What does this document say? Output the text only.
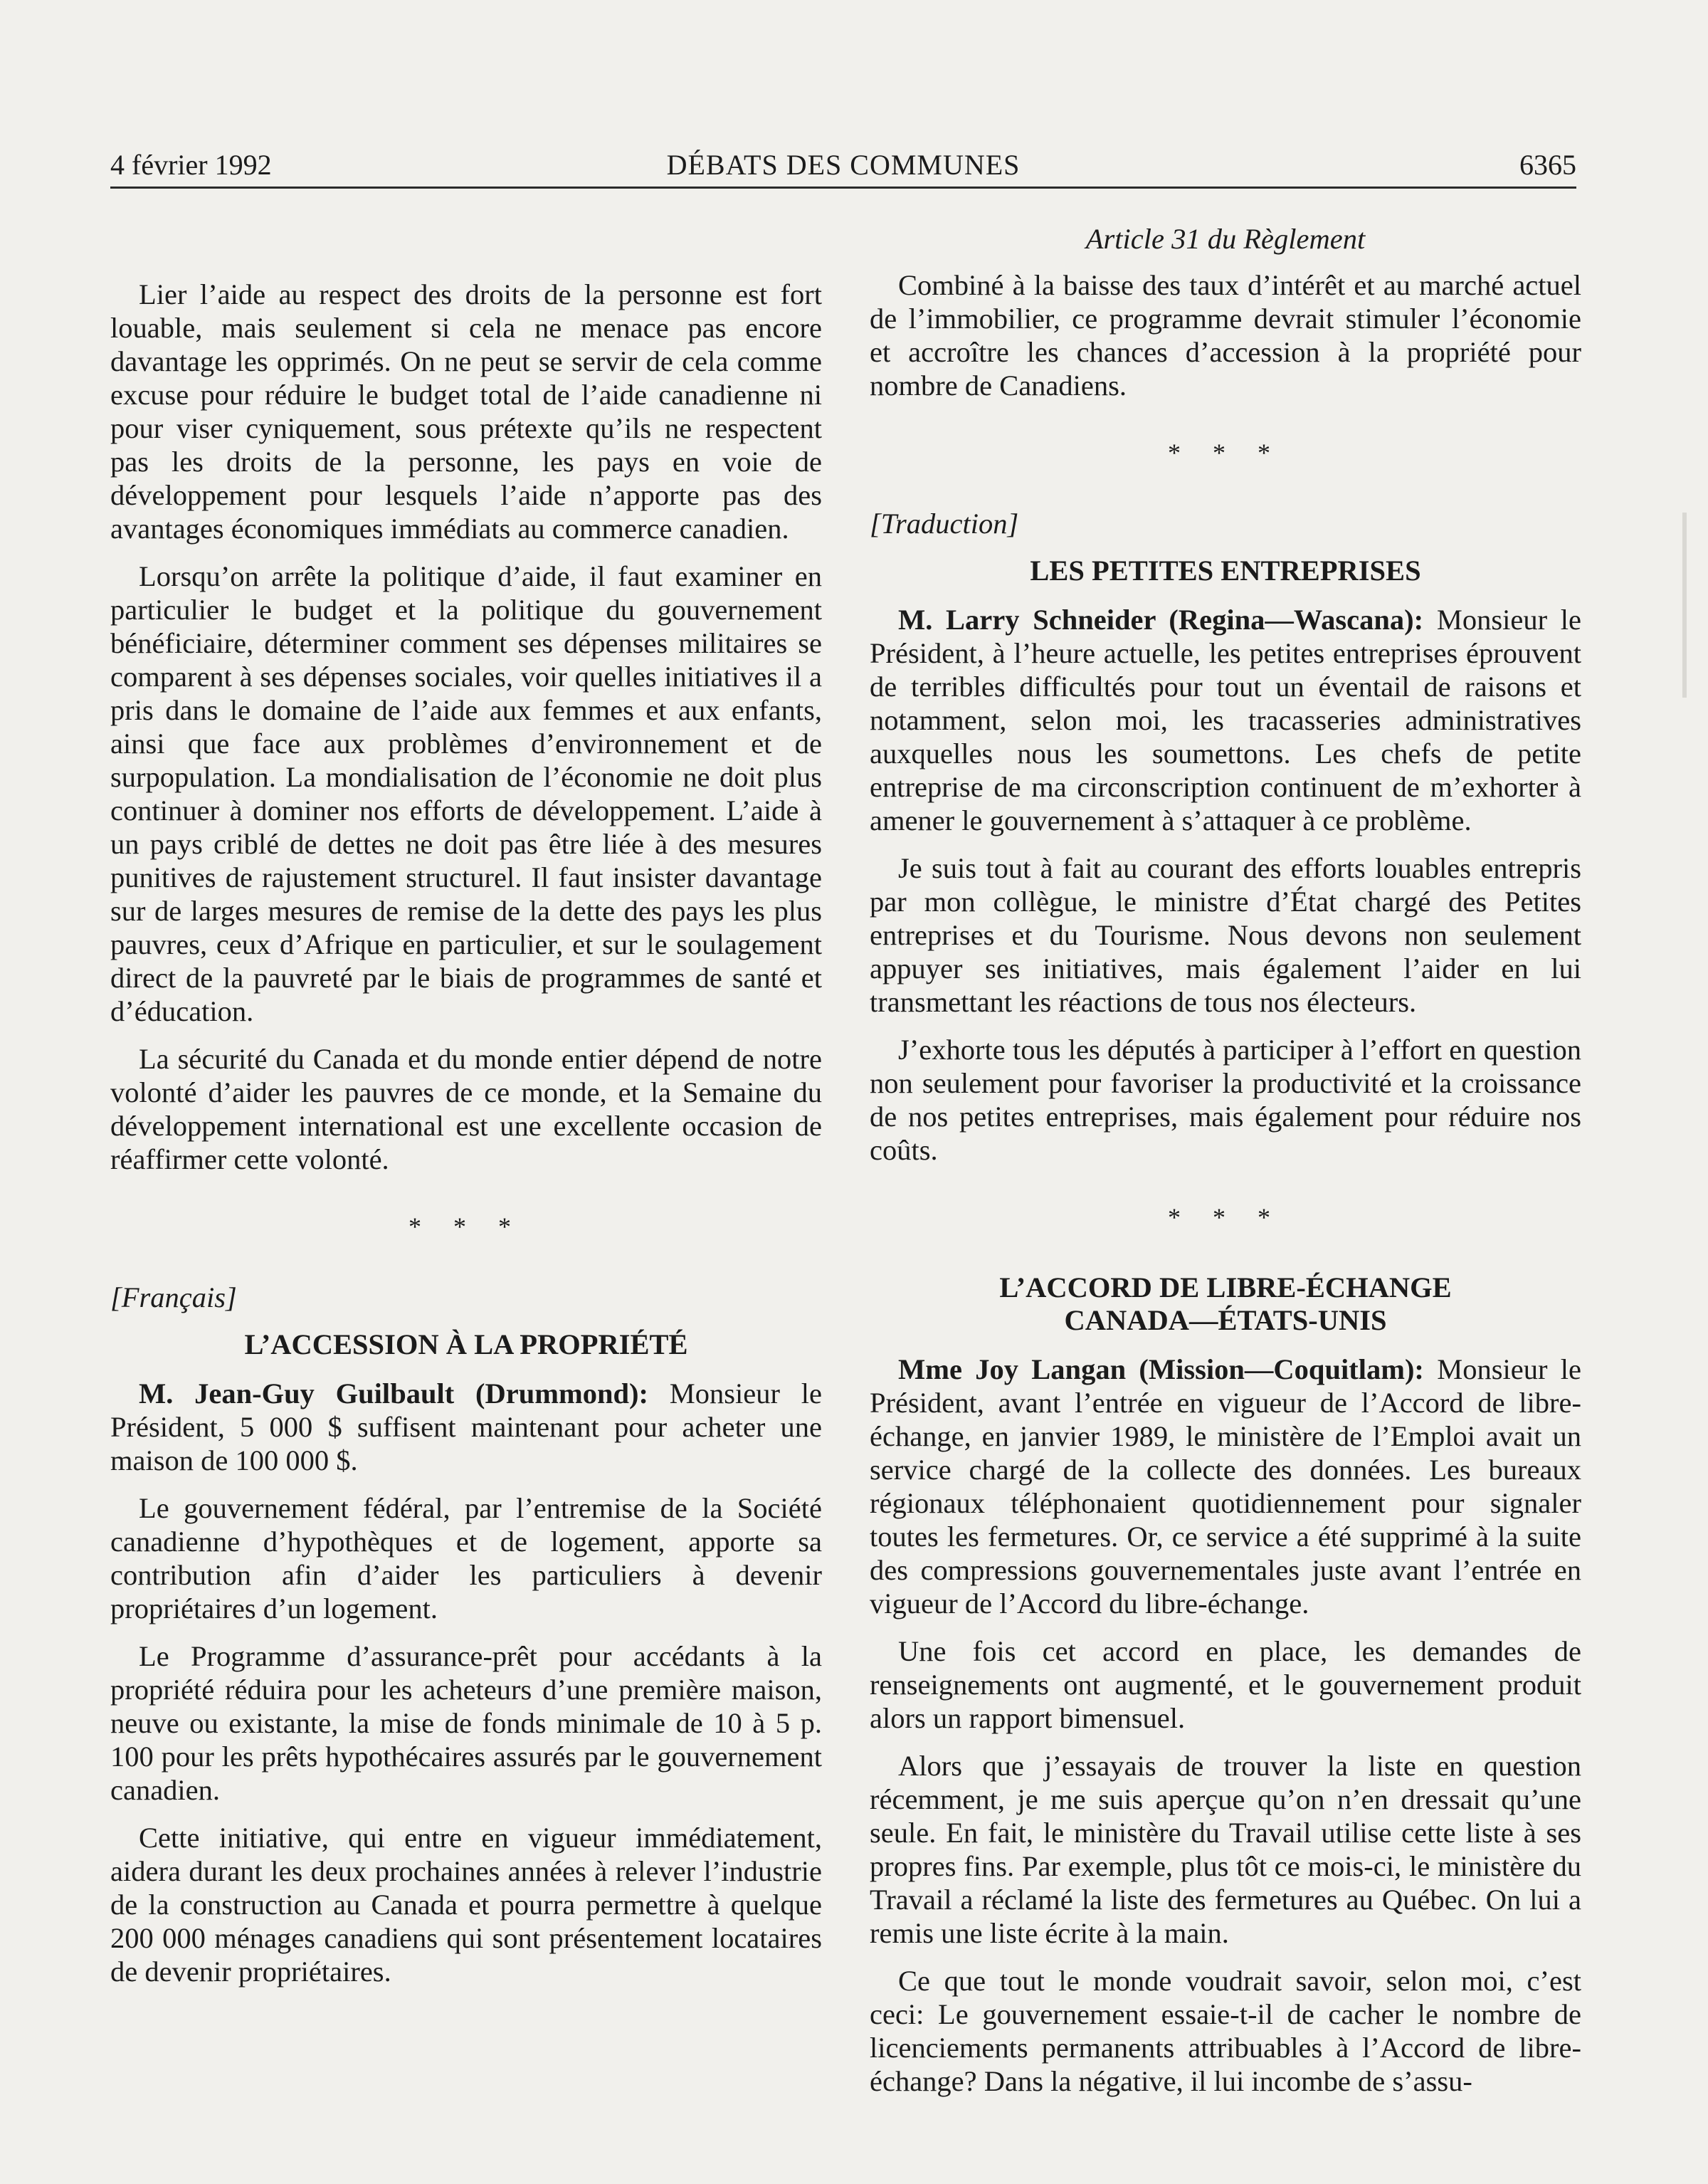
4 février 1992	DÉBATS DES COMMUNES	6365

Lier l’aide au respect des droits de la personne est fort louable, mais seulement si cela ne menace pas encore davantage les opprimés. On ne peut se servir de cela comme excuse pour réduire le budget total de l’aide canadienne ni pour viser cyniquement, sous prétexte qu’ils ne respectent pas les droits de la personne, les pays en voie de développement pour lesquels l’aide n’apporte pas des avantages économiques immédiats au commerce canadien.

Lorsqu’on arrête la politique d’aide, il faut examiner en particulier le budget et la politique du gouvernement bénéficiaire, déterminer comment ses dépenses militaires se comparent à ses dépenses sociales, voir quelles initiatives il a pris dans le domaine de l’aide aux femmes et aux enfants, ainsi que face aux problèmes d’environnement et de surpopulation. La mondialisation de l’économie ne doit plus continuer à dominer nos efforts de développement. L’aide à un pays criblé de dettes ne doit pas être liée à des mesures punitives de rajustement structurel. Il faut insister davantage sur de larges mesures de remise de la dette des pays les plus pauvres, ceux d’Afrique en particulier, et sur le soulagement direct de la pauvreté par le biais de programmes de santé et d’éducation.

La sécurité du Canada et du monde entier dépend de notre volonté d’aider les pauvres de ce monde, et la Semaine du développement international est une excellente occasion de réaffirmer cette volonté.

* * *
[Français]
L’ACCESSION À LA PROPRIÉTÉ

M. Jean-Guy Guilbault (Drummond): Monsieur le Président, 5 000 $ suffisent maintenant pour acheter une maison de 100 000 $.

Le gouvernement fédéral, par l’entremise de la Société canadienne d’hypothèques et de logement, apporte sa contribution afin d’aider les particuliers à devenir propriétaires d’un logement.

Le Programme d’assurance-prêt pour accédants à la propriété réduira pour les acheteurs d’une première maison, neuve ou existante, la mise de fonds minimale de 10 à 5 p. 100 pour les prêts hypothécaires assurés par le gouvernement canadien.

Cette initiative, qui entre en vigueur immédiatement, aidera durant les deux prochaines années à relever l’industrie de la construction au Canada et pourra permettre à quelque 200 000 ménages canadiens qui sont présentement locataires de devenir propriétaires.

Article 31 du Règlement

Combiné à la baisse des taux d’intérêt et au marché actuel de l’immobilier, ce programme devrait stimuler l’économie et accroître les chances d’accession à la propriété pour nombre de Canadiens.

* * *
[Traduction]
LES PETITES ENTREPRISES

M. Larry Schneider (Regina—Wascana): Monsieur le Président, à l’heure actuelle, les petites entreprises éprouvent de terribles difficultés pour tout un éventail de raisons et notamment, selon moi, les tracasseries administratives auxquelles nous les soumettons. Les chefs de petite entreprise de ma circonscription continuent de m’exhorter à amener le gouvernement à s’attaquer à ce problème.

Je suis tout à fait au courant des efforts louables entrepris par mon collègue, le ministre d’État chargé des Petites entreprises et du Tourisme. Nous devons non seulement appuyer ses initiatives, mais également l’aider en lui transmettant les réactions de tous nos électeurs.

J’exhorte tous les députés à participer à l’effort en question non seulement pour favoriser la productivité et la croissance de nos petites entreprises, mais également pour réduire nos coûts.

* * *
L’ACCORD DE LIBRE-ÉCHANGE
CANADA—ÉTATS-UNIS

Mme Joy Langan (Mission—Coquitlam): Monsieur le Président, avant l’entrée en vigueur de l’Accord de libre-échange, en janvier 1989, le ministère de l’Emploi avait un service chargé de la collecte des données. Les bureaux régionaux téléphonaient quotidiennement pour signaler toutes les fermetures. Or, ce service a été supprimé à la suite des compressions gouvernementales juste avant l’entrée en vigueur de l’Accord du libre-échange.

Une fois cet accord en place, les demandes de renseignements ont augmenté, et le gouvernement produit alors un rapport bimensuel.

Alors que j’essayais de trouver la liste en question récemment, je me suis aperçue qu’on n’en dressait qu’une seule. En fait, le ministère du Travail utilise cette liste à ses propres fins. Par exemple, plus tôt ce mois-ci, le ministère du Travail a réclamé la liste des fermetures au Québec. On lui a remis une liste écrite à la main.

Ce que tout le monde voudrait savoir, selon moi, c’est ceci: Le gouvernement essaie-t-il de cacher le nombre de licenciements permanents attribuables à l’Accord de libre-échange? Dans la négative, il lui incombe de s’assu-
